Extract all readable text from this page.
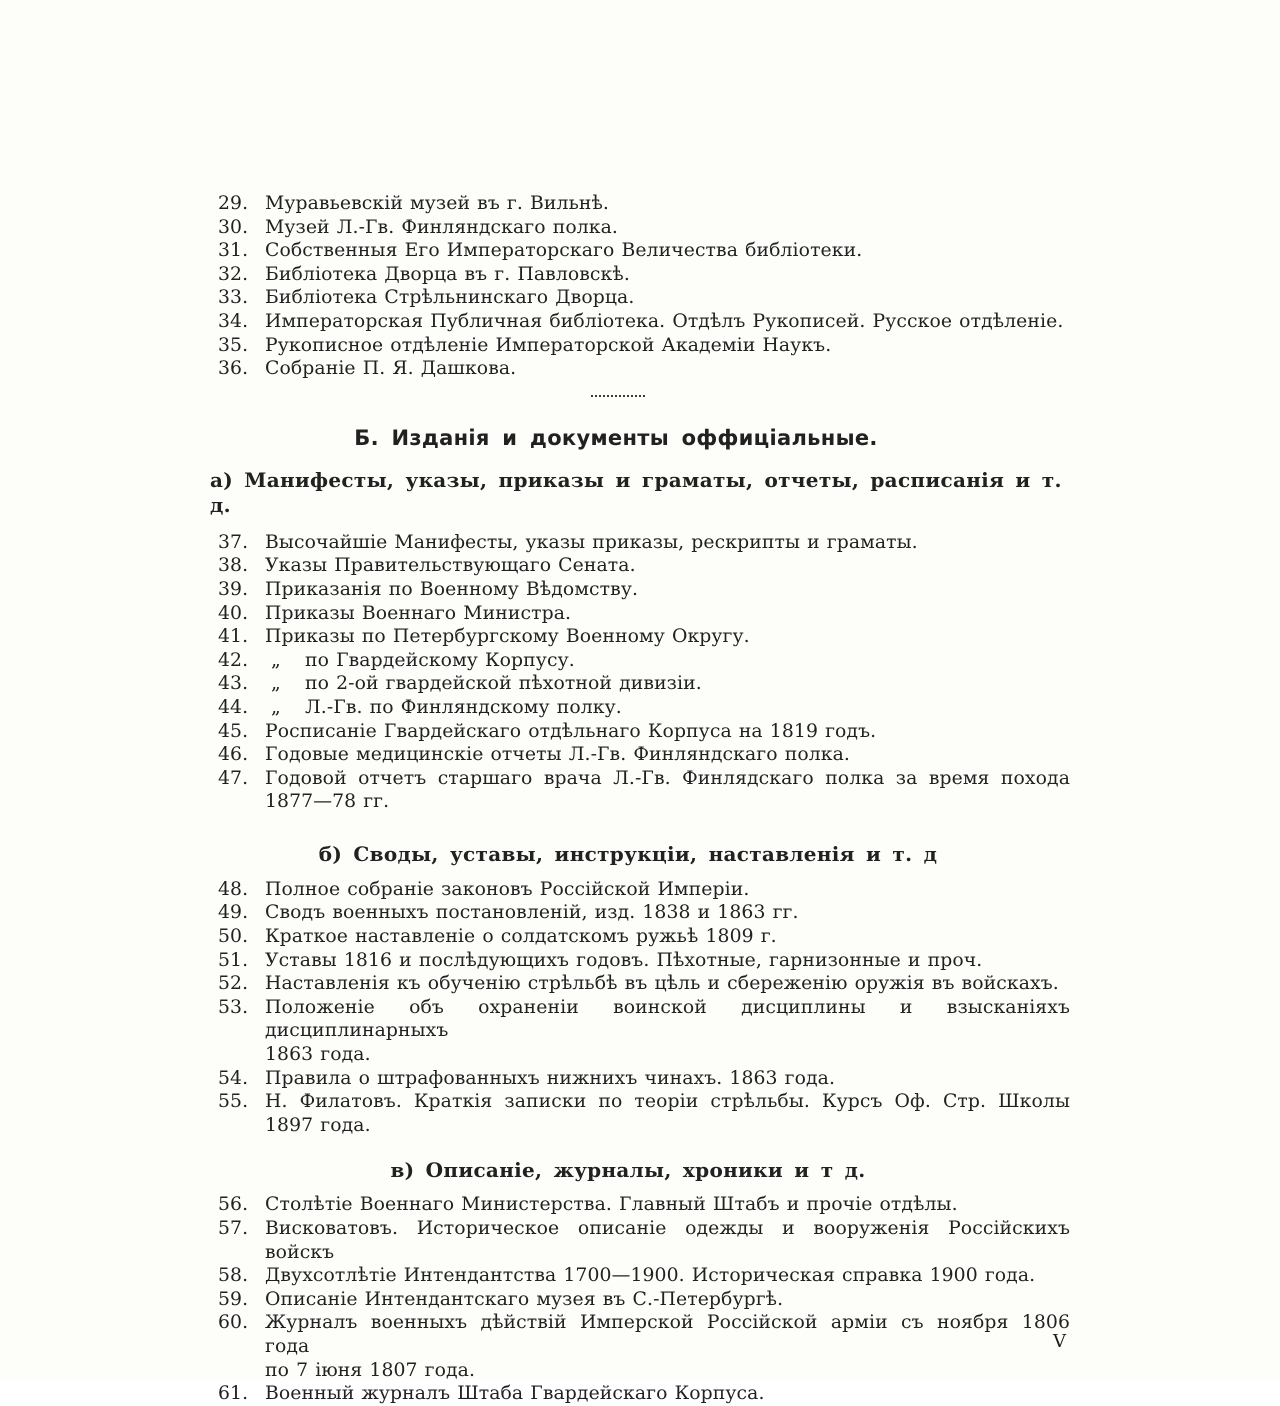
29. Муравьевскій музей въ г. Вильнѣ.
30. Музей Л.-Гв. Финляндскаго полка.
31. Собственныя Его Императорскаго Величества библіотеки.
32. Библіотека Дворца въ г. Павловскѣ.
33. Библіотека Стрѣльнинскаго Дворца.
34. Императорская Публичная библіотека. Отдѣлъ Рукописей. Русское отдѣленіе.
35. Рукописное отдѣленіе Императорской Академіи Наукъ.
36. Собраніе П. Я. Дашкова.
Б. Изданія и документы оффиціальные.
а) Манифесты, указы, приказы и граматы, отчеты, расписанія и т. д.
37. Высочайшіе Манифесты, указы приказы, рескрипты и граматы.
38. Указы Правительствующаго Сената.
39. Приказанія по Военному Вѣдомству.
40. Приказы Военнаго Министра.
41. Приказы по Петербургскому Военному Округу.
42. „ по Гвардейскому Корпусу.
43. „ по 2-ой гвардейской пѣхотной дивизіи.
44. „ Л.-Гв. по Финляндскому полку.
45. Росписаніе Гвардейскаго отдѣльнаго Корпуса на 1819 годъ.
46. Годовые медицинскіе отчеты Л.-Гв. Финляндскаго полка.
47. Годовой отчетъ старшаго врача Л.-Гв. Финлядскаго полка за время похода
1877—78 гг.
б) Своды, уставы, инструкціи, наставленія и т. д
48. Полное собраніе законовъ Россійской Имперіи.
49. Сводъ военныхъ постановленій, изд. 1838 и 1863 гг.
50. Краткое наставленіе о солдатскомъ ружьѣ 1809 г.
51. Уставы 1816 и послѣдующихъ годовъ. Пѣхотные, гарнизонные и проч.
52. Наставленія къ обученію стрѣльбѣ въ цѣль и сбереженію оружія въ войскахъ.
53. Положеніе объ охраненіи воинской дисциплины и взысканіяхъ дисциплинарныхъ
1863 года.
54. Правила о штрафованныхъ нижнихъ чинахъ. 1863 года.
55. Н. Филатовъ. Краткія записки по теоріи стрѣльбы. Курсъ Оф. Стр. Школы
1897 года.
в) Описаніе, журналы, хроники и т д.
56. Столѣтіе Военнаго Министерства. Главный Штабъ и прочіе отдѣлы.
57. Висковатовъ. Историческое описаніе одежды и вооруженія Россійскихъ войскъ
58. Двухсотлѣтіе Интендантства 1700—1900. Историческая справка 1900 года.
59. Описаніе Интендантскаго музея въ С.-Петербургѣ.
60. Журналъ военныхъ дѣйствій Имперской Россійской арміи съ ноября 1806 года
по 7 іюня 1807 года.
61. Военный журналъ Штаба Гвардейскаго Корпуса.
V
